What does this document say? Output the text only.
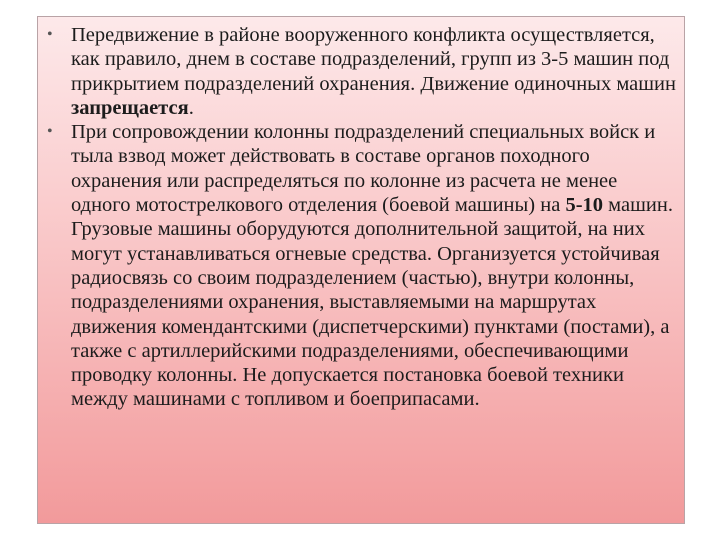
• Передвижение в районе вооруженного конфликта осуществляется, как правило, днем в составе подразделений, групп из 3-5 машин под прикрытием подразделений охранения. Движение одиночных машин запрещается.
• При сопровождении колонны подразделений специальных войск и тыла взвод может действовать в составе органов походного охранения или распределяться по колонне из расчета не менее одного мотострелкового отделения (боевой машины) на 5-10 машин. Грузовые машины оборудуются дополнительной защитой, на них могут устанавливаться огневые средства. Организуется устойчивая радиосвязь со своим подразделением (частью), внутри колонны, подразделениями охранения, выставляемыми на маршрутах движения комендантскими (диспетчерскими) пунктами (постами), а также с артиллерийскими подразделениями, обеспечивающими проводку колонны. Не допускается постановка боевой техники между машинами с топливом и боеприпасами.
